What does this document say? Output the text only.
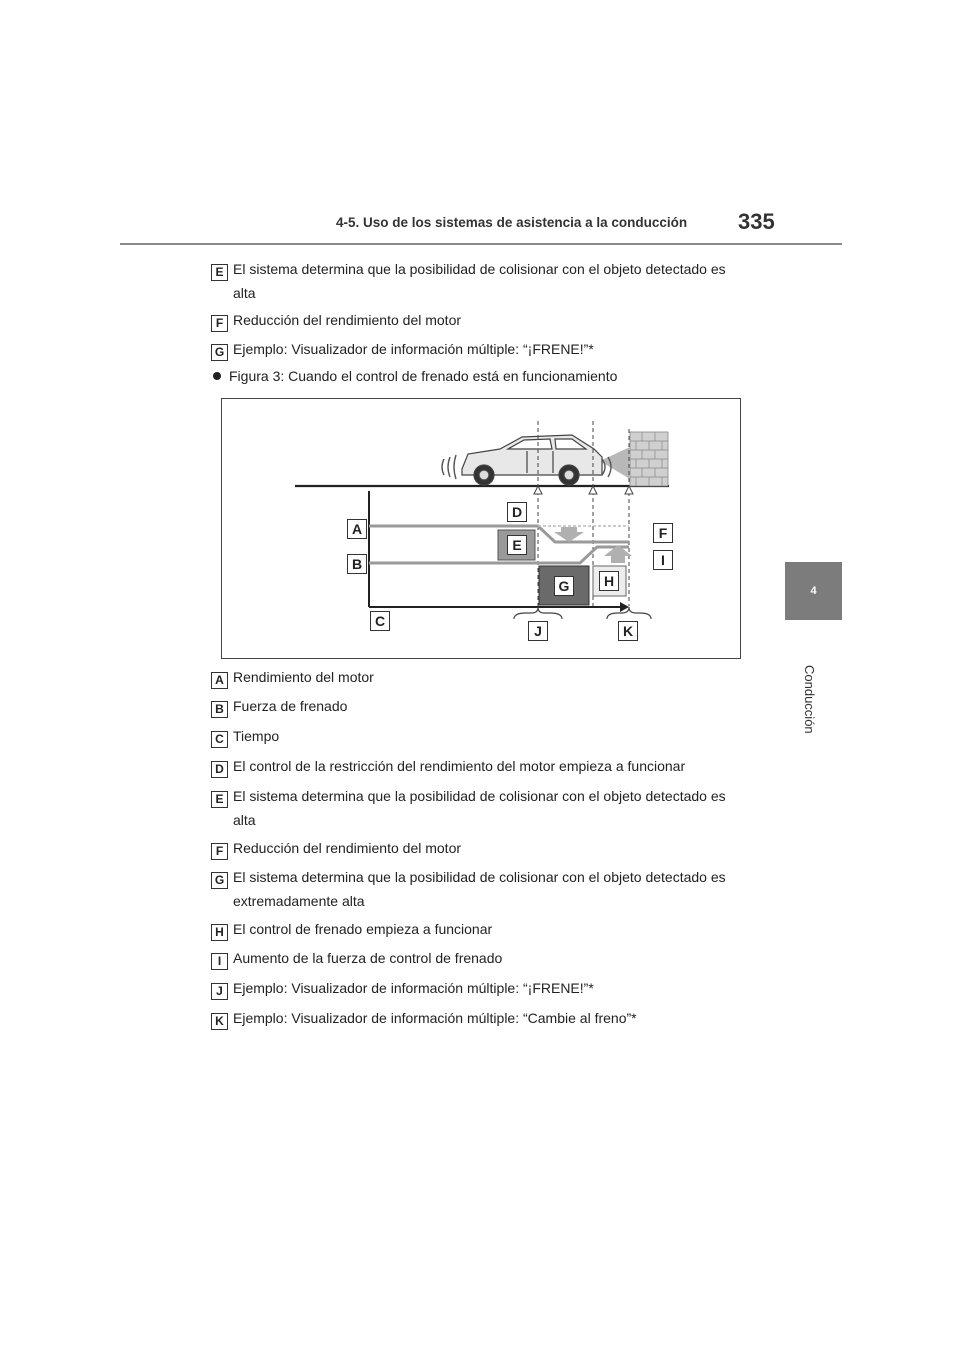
4-5. Uso de los sistemas de asistencia a la conducción 335
4
Conducción
E El sistema determina que la posibilidad de colisionar con el objeto detectado es
alta
F Reducción del rendimiento del motor
G Ejemplo: Visualizador de información múltiple: “¡FRENE!”*
Figura 3: Cuando el control de frenado está en funcionamiento
A
B
C
D
E
F
G	H
I
J	K
A Rendimiento del motor
B Fuerza de frenado
C Tiempo
D El control de la restricción del rendimiento del motor empieza a funcionar
E El sistema determina que la posibilidad de colisionar con el objeto detectado es
alta
F Reducción del rendimiento del motor
G El sistema determina que la posibilidad de colisionar con el objeto detectado es
extremadamente alta
H El control de frenado empieza a funcionar
I Aumento de la fuerza de control de frenado
J Ejemplo: Visualizador de información múltiple: “¡FRENE!”*
K Ejemplo: Visualizador de información múltiple: “Cambie al freno”*
